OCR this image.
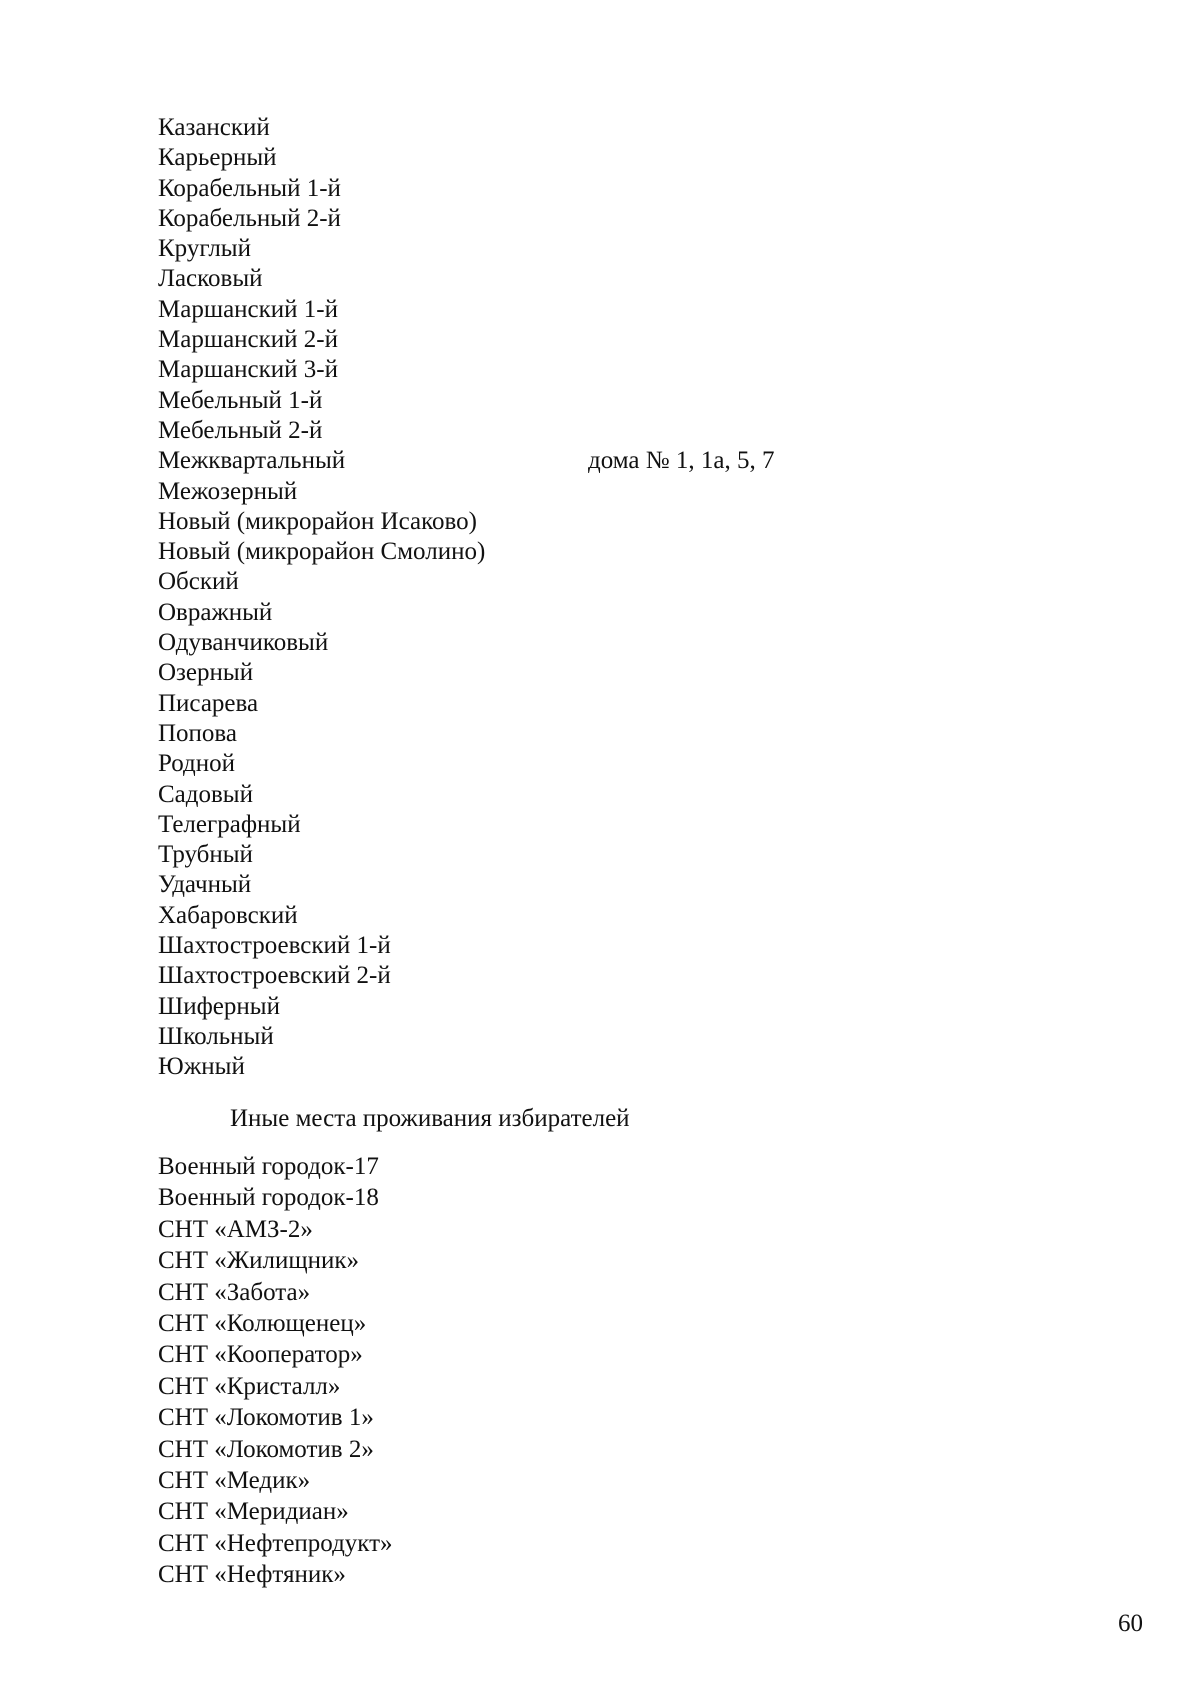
Казанский
Карьерный
Корабельный 1-й
Корабельный 2-й
Круглый
Ласковый
Маршанский 1-й
Маршанский 2-й
Маршанский 3-й
Мебельный 1-й
Мебельный 2-й
Межквартальный	дома № 1, 1а, 5, 7
Межозерный
Новый (микрорайон Исаково)
Новый (микрорайон Смолино)
Обский
Овражный
Одуванчиковый
Озерный
Писарева
Попова
Родной
Садовый
Телеграфный
Трубный
Удачный
Хабаровский
Шахтостроевский 1-й
Шахтостроевский 2-й
Шиферный
Школьный
Южный
Иные места проживания избирателей
Военный городок-17
Военный городок-18
СНТ «АМЗ-2»
СНТ «Жилищник»
СНТ «Забота»
СНТ «Колющенец»
СНТ «Кооператор»
СНТ «Кристалл»
СНТ «Локомотив 1»
СНТ «Локомотив 2»
СНТ «Медик»
СНТ «Меридиан»
СНТ «Нефтепродукт»
СНТ «Нефтяник»
60
